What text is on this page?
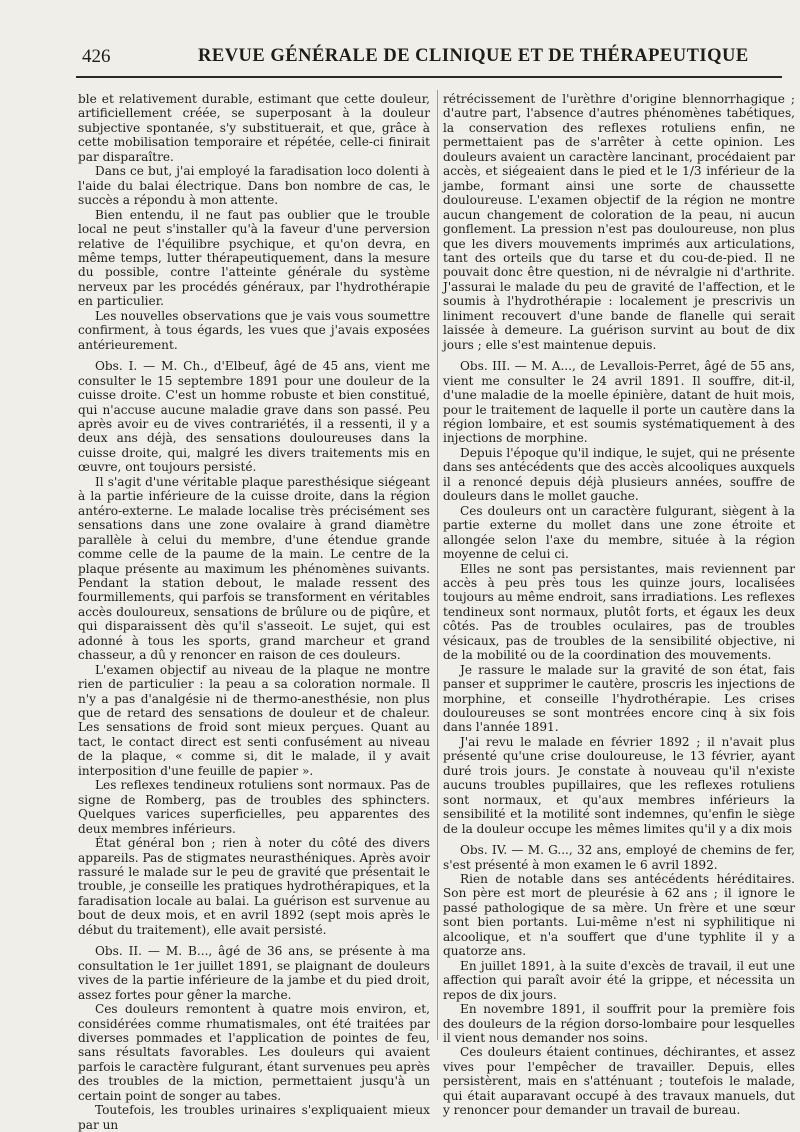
426	REVUE GÉNÉRALE DE CLINIQUE ET DE THÉRAPEUTIQUE

ble et relativement durable, estimant que cette douleur, artificiellement créée, se superposant à la douleur subjective spontanée, s'y substituerait, et que, grâce à cette mobilisation temporaire et répétée, celle-ci finirait par disparaître.

Dans ce but, j'ai employé la faradisation loco dolenti à l'aide du balai électrique. Dans bon nombre de cas, le succès a répondu à mon attente.

Bien entendu, il ne faut pas oublier que le trouble local ne peut s'installer qu'à la faveur d'une perversion relative de l'équilibre psychique, et qu'on devra, en même temps, lutter thérapeutiquement, dans la mesure du possible, contre l'atteinte générale du système nerveux par les procédés généraux, par l'hydrothérapie en particulier.

Les nouvelles observations que je vais vous soumettre confirment, à tous égards, les vues que j'avais exposées antérieurement.

Obs. I. — M. Ch., d'Elbeuf, âgé de 45 ans, vient me consulter le 15 septembre 1891 pour une douleur de la cuisse droite. C'est un homme robuste et bien constitué, qui n'accuse aucune maladie grave dans son passé. Peu après avoir eu de vives contrariétés, il a ressenti, il y a deux ans déjà, des sensations douloureuses dans la cuisse droite, qui, malgré les divers traitements mis en œuvre, ont toujours persisté.

Il s'agit d'une véritable plaque paresthésique siégeant à la partie inférieure de la cuisse droite, dans la région antéro-externe. Le malade localise très précisément ses sensations dans une zone ovalaire à grand diamètre parallèle à celui du membre, d'une étendue grande comme celle de la paume de la main. Le centre de la plaque présente au maximum les phénomènes suivants. Pendant la station debout, le malade ressent des fourmillements, qui parfois se transforment en véritables accès douloureux, sensations de brûlure ou de piqûre, et qui disparaissent dès qu'il s'asseoit. Le sujet, qui est adonné à tous les sports, grand marcheur et grand chasseur, a dû y renoncer en raison de ces douleurs.

L'examen objectif au niveau de la plaque ne montre rien de particulier : la peau a sa coloration normale. Il n'y a pas d'analgésie ni de thermo-anesthésie, non plus que de retard des sensations de douleur et de chaleur. Les sensations de froid sont mieux perçues. Quant au tact, le contact direct est senti confusément au niveau de la plaque, « comme si, dit le malade, il y avait interposition d'une feuille de papier ».

Les reflexes tendineux rotuliens sont normaux. Pas de signe de Romberg, pas de troubles des sphincters. Quelques varices superficielles, peu apparentes des deux membres inférieurs.

État général bon ; rien à noter du côté des divers appareils. Pas de stigmates neurasthéniques. Après avoir rassuré le malade sur le peu de gravité que présentait le trouble, je conseille les pratiques hydrothérapiques, et la faradisation locale au balai. La guérison est survenue au bout de deux mois, et en avril 1892 (sept mois après le début du traitement), elle avait persisté.

Obs. II. — M. B..., âgé de 36 ans, se présente à ma consultation le 1er juillet 1891, se plaignant de douleurs vives de la partie inférieure de la jambe et du pied droit, assez fortes pour gêner la marche.

Ces douleurs remontent à quatre mois environ, et, considérées comme rhumatismales, ont été traitées par diverses pommades et l'application de pointes de feu, sans résultats favorables. Les douleurs qui avaient parfois le caractère fulgurant, étant survenues peu après des troubles de la miction, permettaient jusqu'à un certain point de songer au tabes.

Toutefois, les troubles urinaires s'expliquaient mieux par un

rétrécissement de l'urèthre d'origine blennorrhagique ; d'autre part, l'absence d'autres phénomènes tabétiques, la conservation des reflexes rotuliens enfin, ne permettaient pas de s'arrêter à cette opinion. Les douleurs avaient un caractère lancinant, procédaient par accès, et siégeaient dans le pied et le 1/3 inférieur de la jambe, formant ainsi une sorte de chaussette douloureuse. L'examen objectif de la région ne montre aucun changement de coloration de la peau, ni aucun gonflement. La pression n'est pas douloureuse, non plus que les divers mouvements imprimés aux articulations, tant des orteils que du tarse et du cou-de-pied. Il ne pouvait donc être question, ni de névralgie ni d'arthrite. J'assurai le malade du peu de gravité de l'affection, et le soumis à l'hydrothérapie : localement je prescrivis un liniment recouvert d'une bande de flanelle qui serait laissée à demeure. La guérison survint au bout de dix jours ; elle s'est maintenue depuis.

Obs. III. — M. A..., de Levallois-Perret, âgé de 55 ans, vient me consulter le 24 avril 1891. Il souffre, dit-il, d'une maladie de la moelle épinière, datant de huit mois, pour le traitement de laquelle il porte un cautère dans la région lombaire, et est soumis systématiquement à des injections de morphine.

Depuis l'époque qu'il indique, le sujet, qui ne présente dans ses antécédents que des accès alcooliques auxquels il a renoncé depuis déjà plusieurs années, souffre de douleurs dans le mollet gauche.

Ces douleurs ont un caractère fulgurant, siègent à la partie externe du mollet dans une zone étroite et allongée selon l'axe du membre, située à la région moyenne de celui ci.

Elles ne sont pas persistantes, mais reviennent par accès à peu près tous les quinze jours, localisées toujours au même endroit, sans irradiations. Les reflexes tendineux sont normaux, plutôt forts, et égaux les deux côtés. Pas de troubles oculaires, pas de troubles vésicaux, pas de troubles de la sensibilité objective, ni de la mobilité ou de la coordination des mouvements.

Je rassure le malade sur la gravité de son état, fais panser et supprimer le cautère, proscris les injections de morphine, et conseille l'hydrothérapie. Les crises douloureuses se sont montrées encore cinq à six fois dans l'année 1891.

J'ai revu le malade en février 1892 ; il n'avait plus présenté qu'une crise douloureuse, le 13 février, ayant duré trois jours. Je constate à nouveau qu'il n'existe aucuns troubles pupillaires, que les reflexes rotuliens sont normaux, et qu'aux membres inférieurs la sensibilité et la motilité sont indemnes, qu'enfin le siège de la douleur occupe les mêmes limites qu'il y a dix mois

Obs. IV. — M. G..., 32 ans, employé de chemins de fer, s'est présenté à mon examen le 6 avril 1892.

Rien de notable dans ses antécédents héréditaires. Son père est mort de pleurésie à 62 ans ; il ignore le passé pathologique de sa mère. Un frère et une sœur sont bien portants. Lui-même n'est ni syphilitique ni alcoolique, et n'a souffert que d'une typhlite il y a quatorze ans.

En juillet 1891, à la suite d'excès de travail, il eut une affection qui paraît avoir été la grippe, et nécessita un repos de dix jours.

En novembre 1891, il souffrit pour la première fois des douleurs de la région dorso-lombaire pour lesquelles il vient nous demander nos soins.

Ces douleurs étaient continues, déchirantes, et assez vives pour l'empêcher de travailler. Depuis, elles persistèrent, mais en s'atténuant ; toutefois le malade, qui était auparavant occupé à des travaux manuels, dut y renoncer pour demander un travail de bureau.
